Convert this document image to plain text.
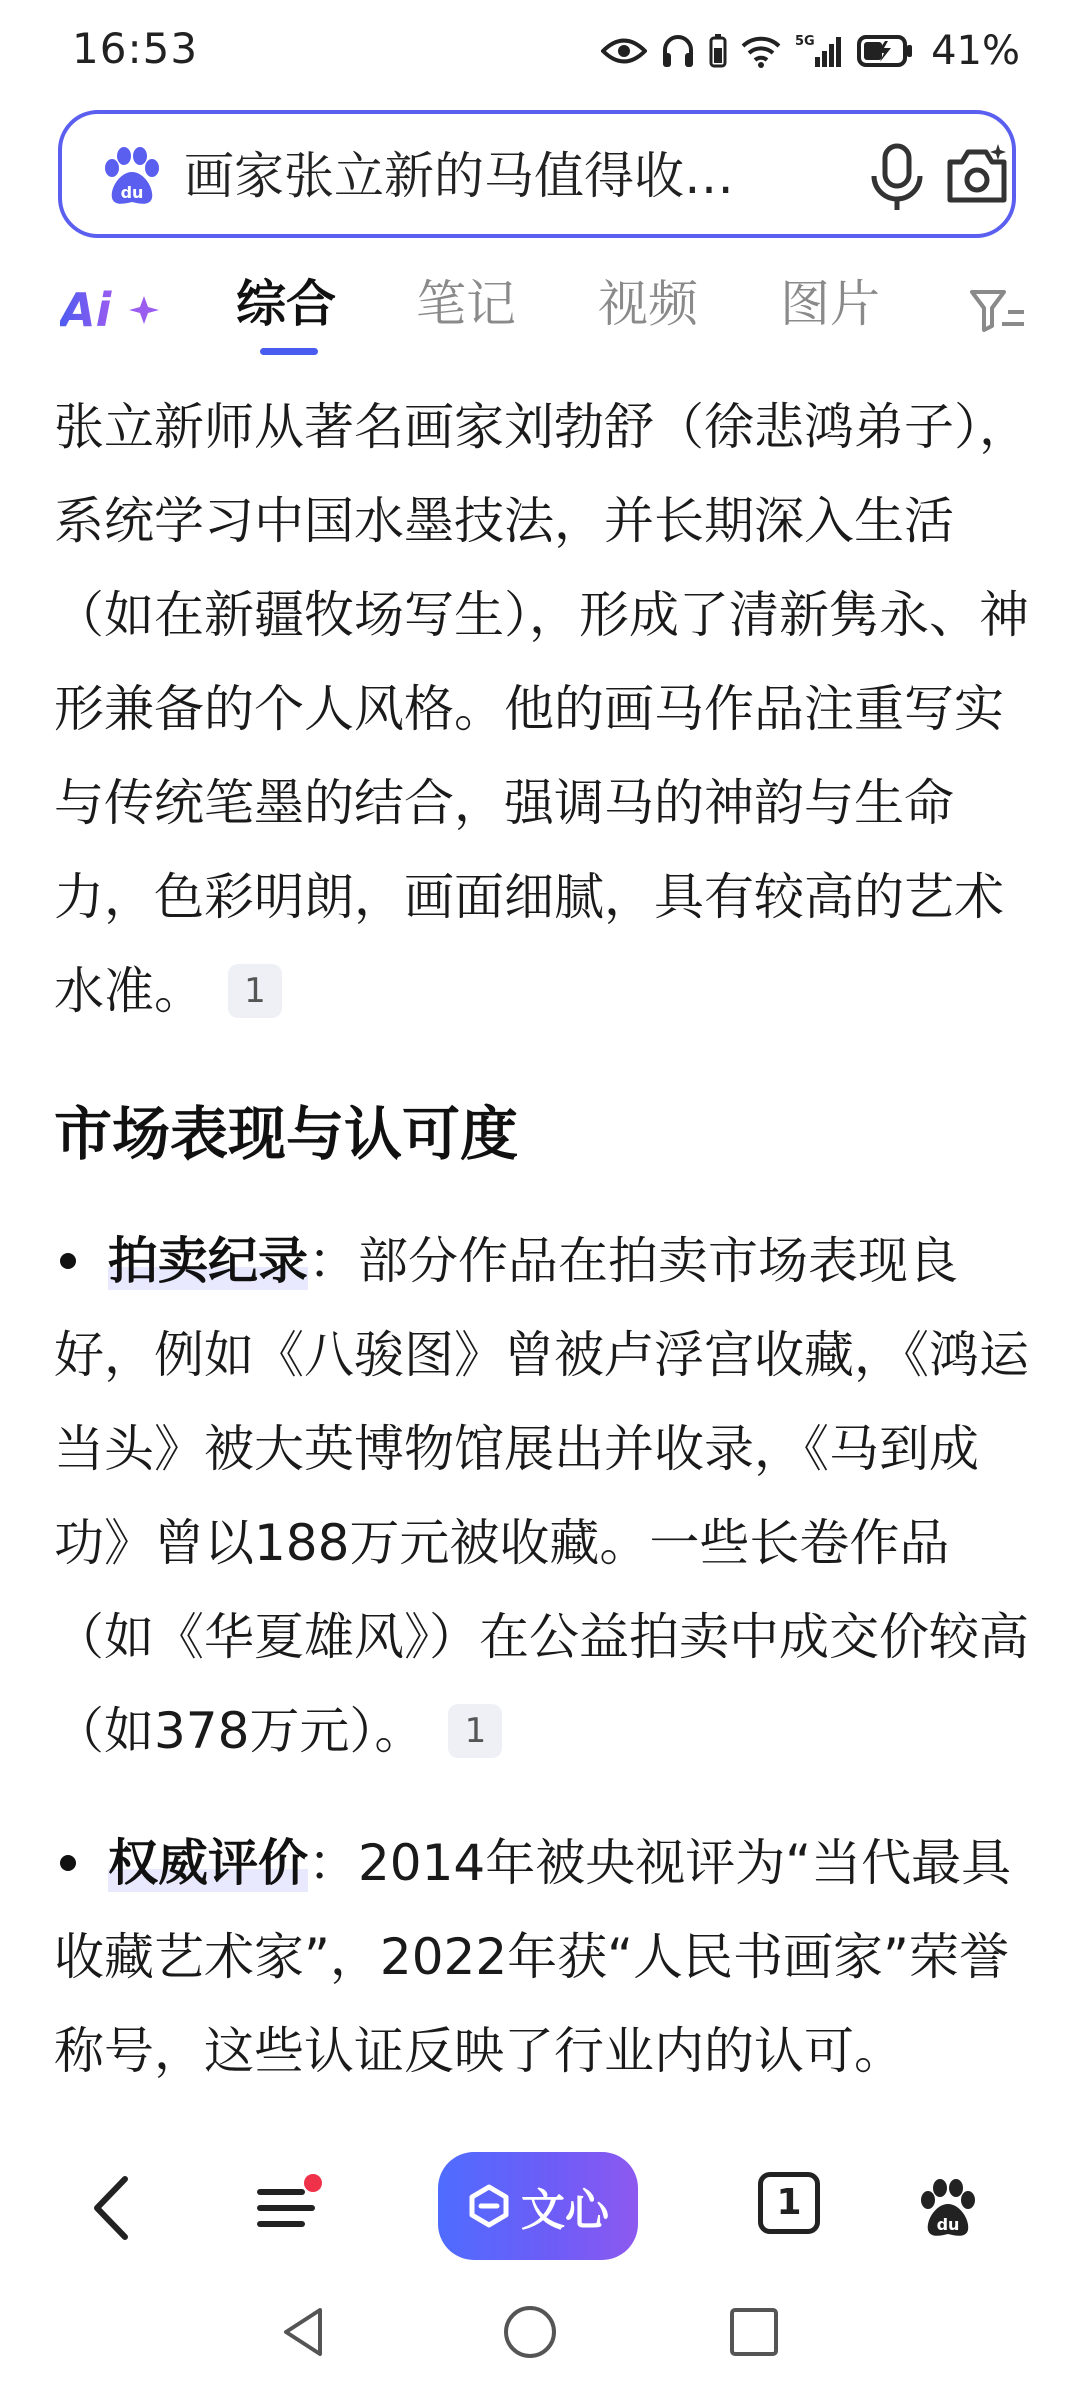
16:53	5G	41%
du 画家张立新的马值得收…
Ai 综合 笔记 视频 图片

张立新师从著名画家刘勃舒（徐悲鸿弟子），系统学习中国水墨技法，并长期深入生活（如在新疆牧场写生），形成了清新隽永、神形兼备的个人风格。他的画马作品注重写实与传统笔墨的结合，强调马的神韵与生命力，色彩明朗，画面细腻，具有较高的艺术水准。 1

市场表现与认可度

拍卖纪录：部分作品在拍卖市场表现良好，例如《八骏图》曾被卢浮宫收藏，《鸿运当头》被大英博物馆展出并收录，《马到成功》曾以188万元被收藏。一些长卷作品（如《华夏雄风》）在公益拍卖中成交价较高（如378万元）。 1

权威评价：2014年被央视评为“当代最具收藏艺术家”，2022年获“人民书画家”荣誉称号，这些认证反映了行业内的认可。

文心	1
du
